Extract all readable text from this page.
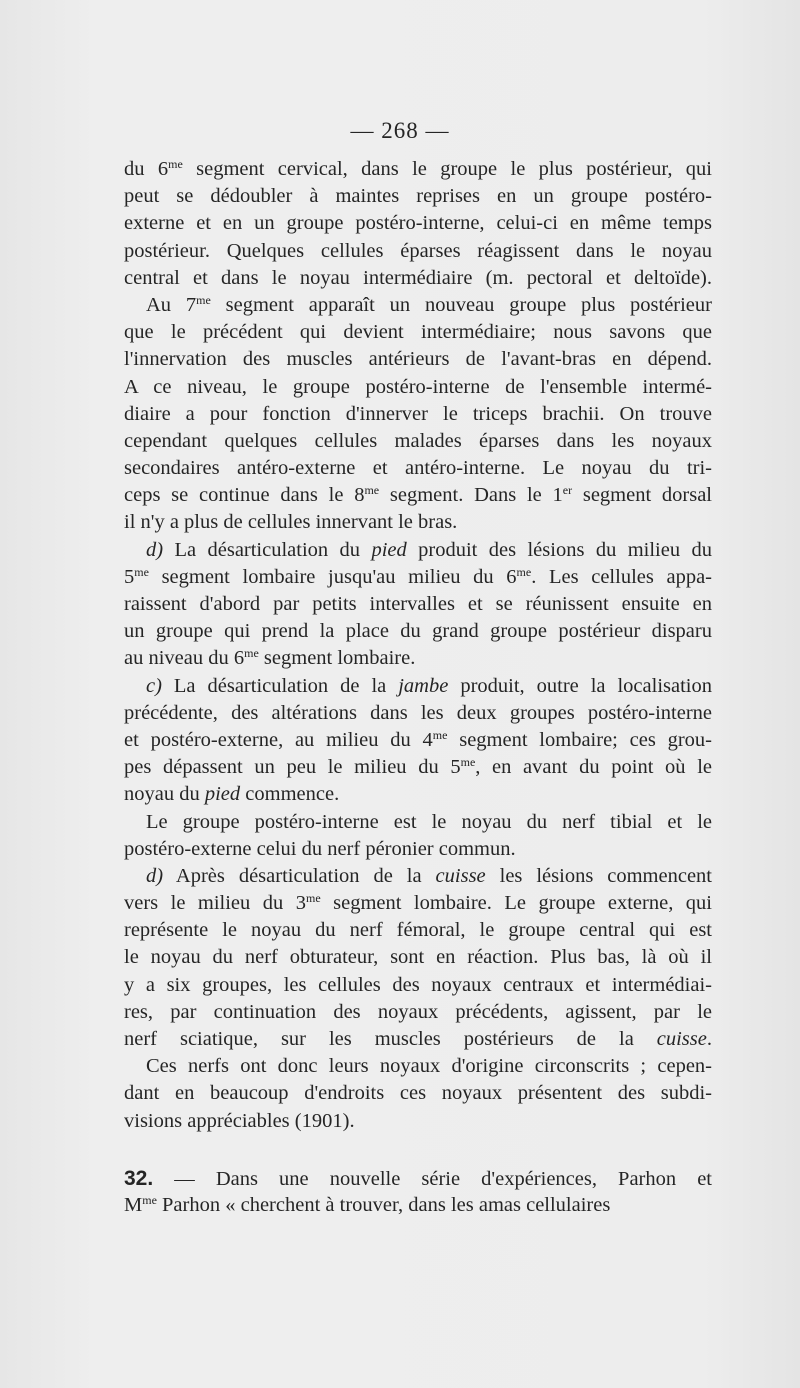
— 268 —
du $6^{me}$ segment cervical, dans le groupe le plus postérieur, qui
peut se dédoubler à maintes reprises en un groupe postéro-
externe et en un groupe postéro-interne, celui-ci en même temps
postérieur. Quelques cellules éparses réagissent dans le noyau
central et dans le noyau intermédiaire (m. pectoral et deltoïde).
Au $7^{me}$ segment apparaît un nouveau groupe plus postérieur
que le précédent qui devient intermédiaire; nous savons que
l'innervation des muscles antérieurs de l'avant-bras en dépend.
A ce niveau, le groupe postéro-interne de l'ensemble intermé-
diaire a pour fonction d'innerver le triceps brachii. On trouve
cependant quelques cellules malades éparses dans les noyaux
secondaires antéro-externe et antéro-interne. Le noyau du tri-
ceps se continue dans le $8^{me}$ segment. Dans le 1er segment dorsal
il n'y a plus de cellules innervant le bras.
d) La désarticulation du pied produit des lésions du milieu du
$5^{me}$ segment lombaire jusqu'au milieu du $6^{me}$. Les cellules appa-
raissent d'abord par petits intervalles et se réunissent ensuite en
un groupe qui prend la place du grand groupe postérieur disparu
au niveau du $6^{me}$ segment lombaire.
c) La désarticulation de la jambe produit, outre la localisation
précédente, des altérations dans les deux groupes postéro-interne
et postéro-externe, au milieu du $4^{me}$ segment lombaire; ces grou-
pes dépassent un peu le milieu du $5^{me}$, en avant du point où le
noyau du pied commence.
Le groupe postéro-interne est le noyau du nerf tibial et le
postéro-externe celui du nerf péronier commun.
d) Après désarticulation de la cuisse les lésions commencent
vers le milieu du $3^{me}$ segment lombaire. Le groupe externe, qui
représente le noyau du nerf fémoral, le groupe central qui est
le noyau du nerf obturateur, sont en réaction. Plus bas, là où il
y a six groupes, les cellules des noyaux centraux et intermédiai-
res, par continuation des noyaux précédents, agissent, par le
nerf sciatique, sur les muscles postérieurs de la cuisse.
Ces nerfs ont donc leurs noyaux d'origine circonscrits ; cepen-
dant en beaucoup d'endroits ces noyaux présentent des subdi-
visions appréciables (1901).
32. — Dans une nouvelle série d'expériences, Parhon et
$M^{me}$ Parhon « cherchent à trouver, dans les amas cellulaires
